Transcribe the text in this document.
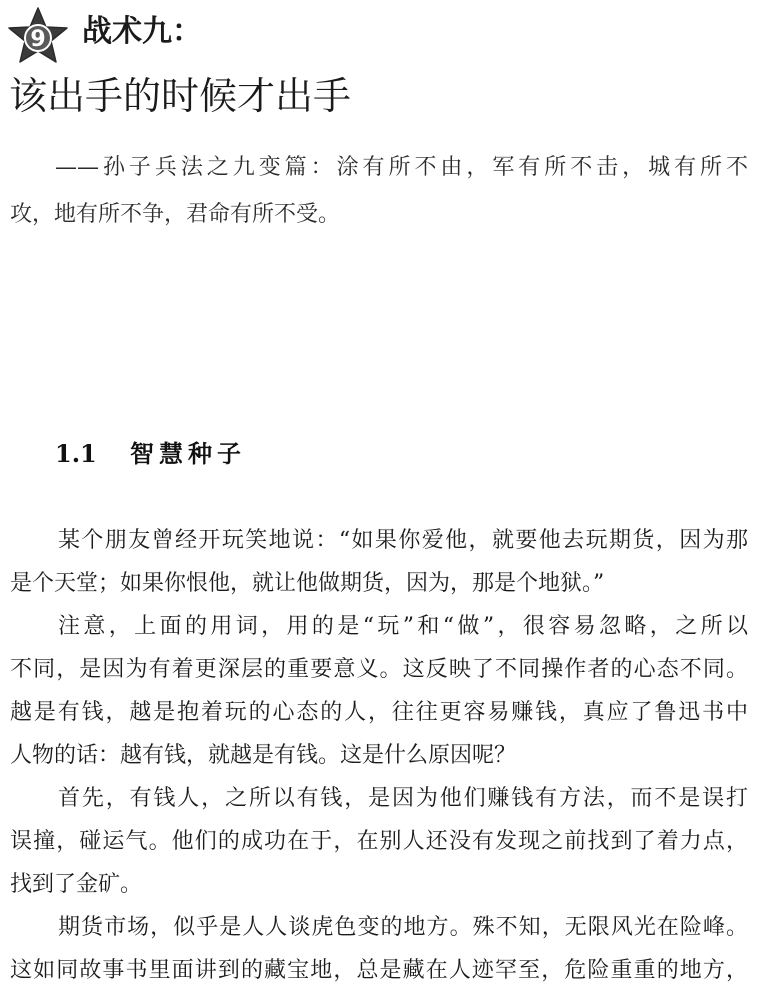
9 战术九：
该出手的时候才出手
——孙子兵法之九变篇：涂有所不由，军有所不击，城有所不
攻，地有所不争，君命有所不受。
1.1 智慧种子
某个朋友曾经开玩笑地说：“如果你爱他，就要他去玩期货，因为那
是个天堂；如果你恨他，就让他做期货，因为，那是个地狱。”
注意，上面的用词，用的是“玩”和“做”，很容易忽略，之所以
不同，是因为有着更深层的重要意义。这反映了不同操作者的心态不同。
越是有钱，越是抱着玩的心态的人，往往更容易赚钱，真应了鲁迅书中
人物的话：越有钱，就越是有钱。这是什么原因呢？
首先，有钱人，之所以有钱，是因为他们赚钱有方法，而不是误打
误撞，碰运气。他们的成功在于，在别人还没有发现之前找到了着力点，
找到了金矿。
期货市场，似乎是人人谈虎色变的地方。殊不知，无限风光在险峰。
这如同故事书里面讲到的藏宝地，总是藏在人迹罕至，危险重重的地方，
